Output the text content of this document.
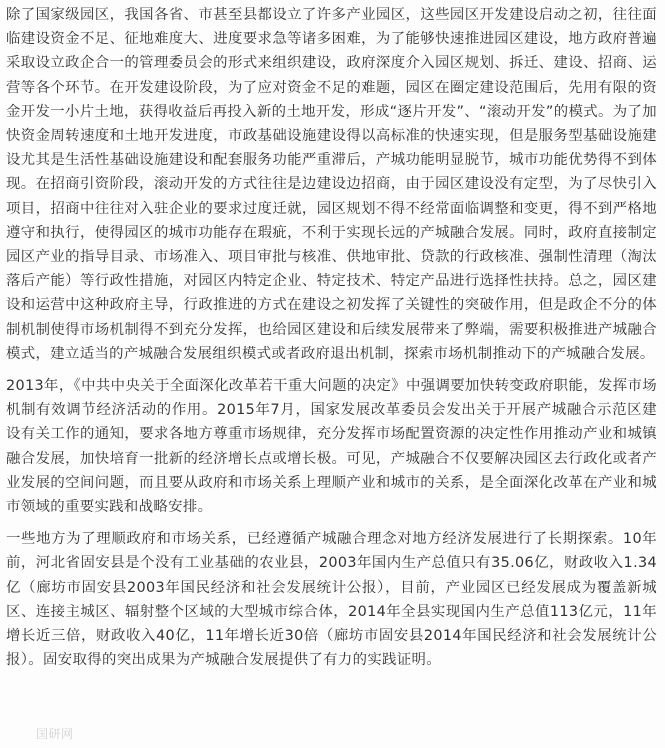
除了国家级园区，我国各省、市甚至县都设立了许多产业园区，这些园区开发建设启动之初，往往面临建设资金不足、征地难度大、进度要求急等诸多困难，为了能够快速推进园区建设，地方政府普遍采取设立政企合一的管理委员会的形式来组织建设，政府深度介入园区规划、拆迁、建设、招商、运营等各个环节。在开发建设阶段，为了应对资金不足的难题，园区在圈定建设范围后，先用有限的资金开发一小片土地，获得收益后再投入新的土地开发，形成“逐片开发”、“滚动开发”的模式。为了加快资金周转速度和土地开发进度，市政基础设施建设得以高标准的快速实现，但是服务型基础设施建设尤其是生活性基础设施建设和配套服务功能严重滞后，产城功能明显脱节，城市功能优势得不到体现。在招商引资阶段，滚动开发的方式往往是边建设边招商，由于园区建设没有定型，为了尽快引入项目，招商中往往对入驻企业的要求过度迁就，园区规划不得不经常面临调整和变更，得不到严格地遵守和执行，使得园区的城市功能存在瑕疵，不利于实现长远的产城融合发展。同时，政府直接制定园区产业的指导目录、市场准入、项目审批与核准、供地审批、贷款的行政核准、强制性清理（淘汰落后产能）等行政性措施，对园区内特定企业、特定技术、特定产品进行选择性扶持。总之，园区建设和运营中这种政府主导，行政推进的方式在建设之初发挥了关键性的突破作用，但是政企不分的体制机制使得市场机制得不到充分发挥，也给园区建设和后续发展带来了弊端，需要积极推进产城融合模式，建立适当的产城融合发展组织模式或者政府退出机制，探索市场机制推动下的产城融合发展。

2013年，《中共中央关于全面深化改革若干重大问题的决定》中强调要加快转变政府职能，发挥市场机制有效调节经济活动的作用。2015年7月，国家发展改革委员会发出关于开展产城融合示范区建设有关工作的通知，要求各地方尊重市场规律，充分发挥市场配置资源的决定性作用推动产业和城镇融合发展，加快培育一批新的经济增长点或增长极。可见，产城融合不仅要解决园区去行政化或者产业发展的空间问题，而且要从政府和市场关系上理顺产业和城市的关系，是全面深化改革在产业和城市领域的重要实践和战略安排。

一些地方为了理顺政府和市场关系，已经遵循产城融合理念对地方经济发展进行了长期探索。10年前，河北省固安县是个没有工业基础的农业县，2003年国内生产总值只有35.06亿，财政收入1.34亿（廊坊市固安县2003年国民经济和社会发展统计公报），目前，产业园区已经发展成为覆盖新城区、连接主城区、辐射整个区域的大型城市综合体，2014年全县实现国内生产总值113亿元，11年增长近三倍，财政收入40亿，11年增长近30倍（廊坊市固安县2014年国民经济和社会发展统计公报）。固安取得的突出成果为产城融合发展提供了有力的实践证明。

国研网
